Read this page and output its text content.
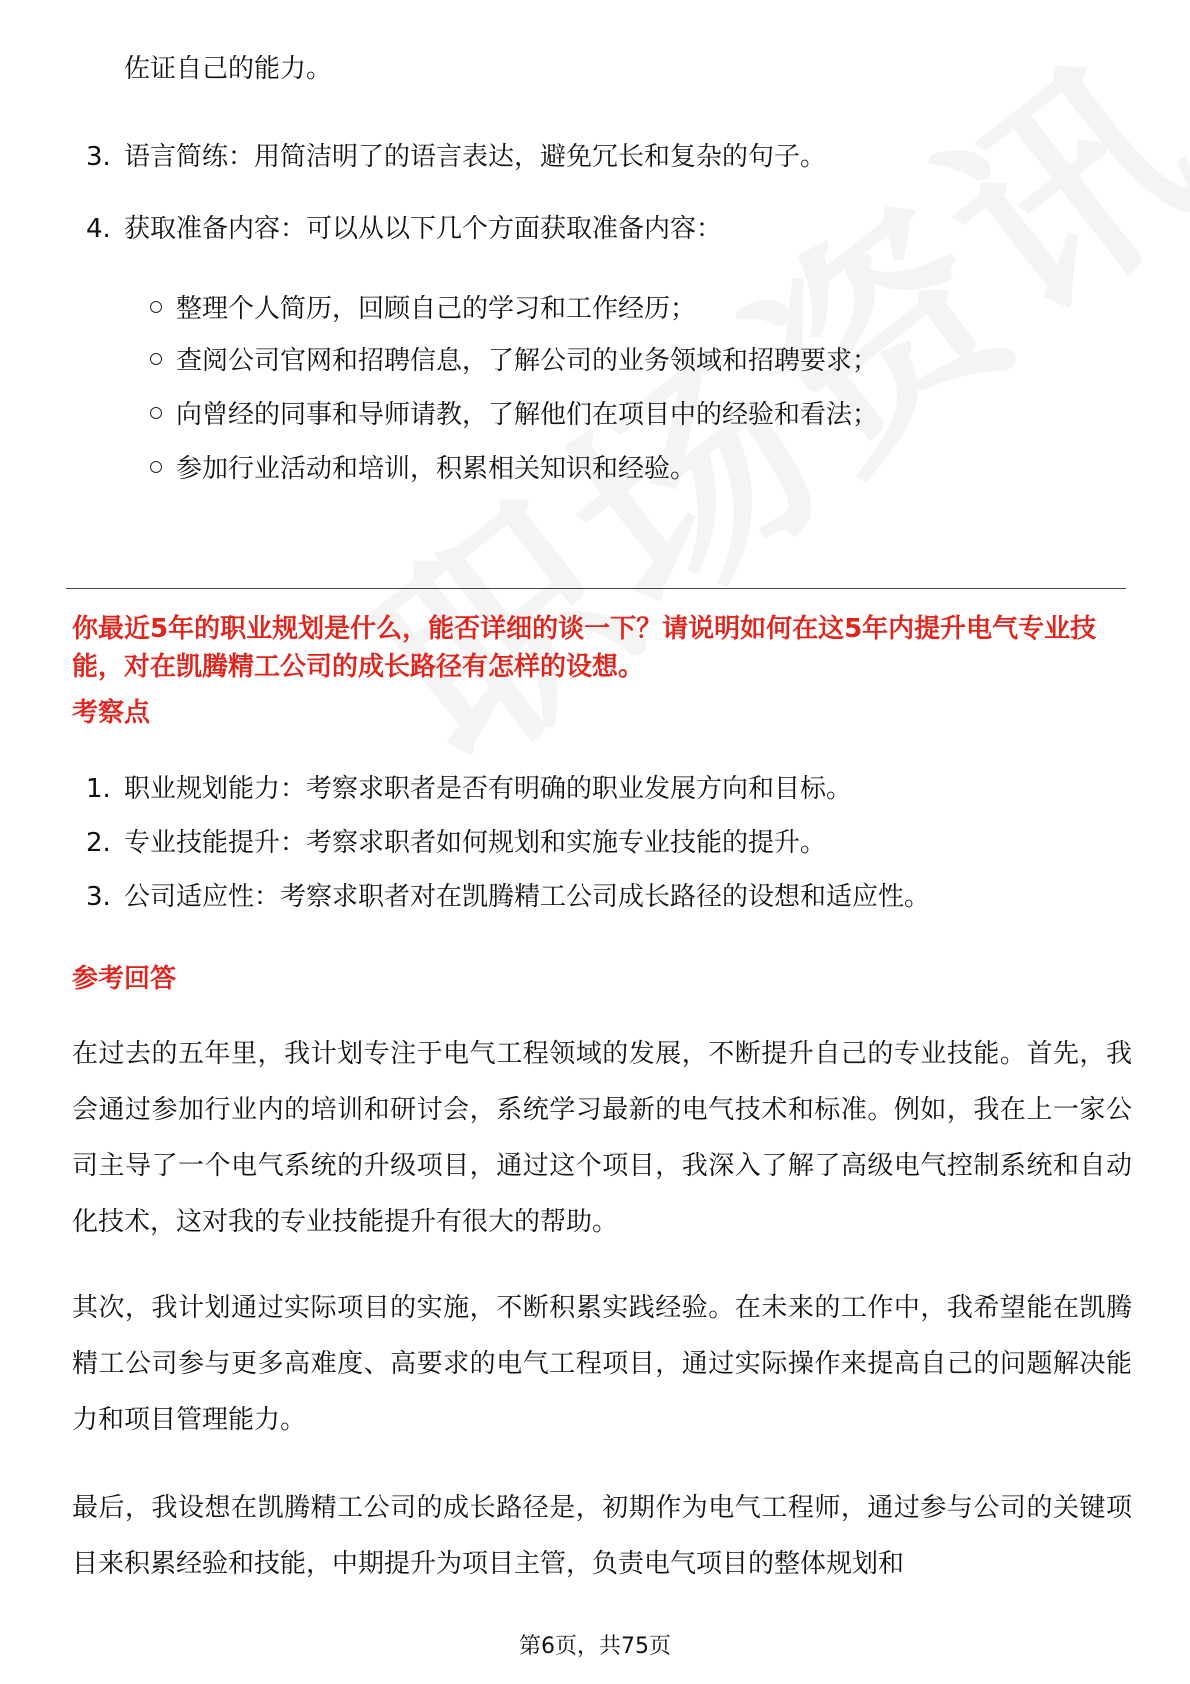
佐证自己的能力。
3. 语言简练：用简洁明了的语言表达，避免冗长和复杂的句子。
4. 获取准备内容：可以从以下几个方面获取准备内容：
整理个人简历，回顾自己的学习和工作经历；
查阅公司官网和招聘信息，了解公司的业务领域和招聘要求；
向曾经的同事和导师请教，了解他们在项目中的经验和看法；
参加行业活动和培训，积累相关知识和经验。
你最近5年的职业规划是什么，能否详细的谈一下？请说明如何在这5年内提升电气专业技能，对在凯腾精工公司的成长路径有怎样的设想。
考察点
1. 职业规划能力：考察求职者是否有明确的职业发展方向和目标。
2. 专业技能提升：考察求职者如何规划和实施专业技能的提升。
3. 公司适应性：考察求职者对在凯腾精工公司成长路径的设想和适应性。
参考回答
在过去的五年里，我计划专注于电气工程领域的发展，不断提升自己的专业技能。首先，我会通过参加行业内的培训和研讨会，系统学习最新的电气技术和标准。例如，我在上一家公司主导了一个电气系统的升级项目，通过这个项目，我深入了解了高级电气控制系统和自动化技术，这对我的专业技能提升有很大的帮助。
其次，我计划通过实际项目的实施，不断积累实践经验。在未来的工作中，我希望能在凯腾精工公司参与更多高难度、高要求的电气工程项目，通过实际操作来提高自己的问题解决能力和项目管理能力。
最后，我设想在凯腾精工公司的成长路径是，初期作为电气工程师，通过参与公司的关键项目来积累经验和技能，中期提升为项目主管，负责电气项目的整体规划和
第6页，共75页
